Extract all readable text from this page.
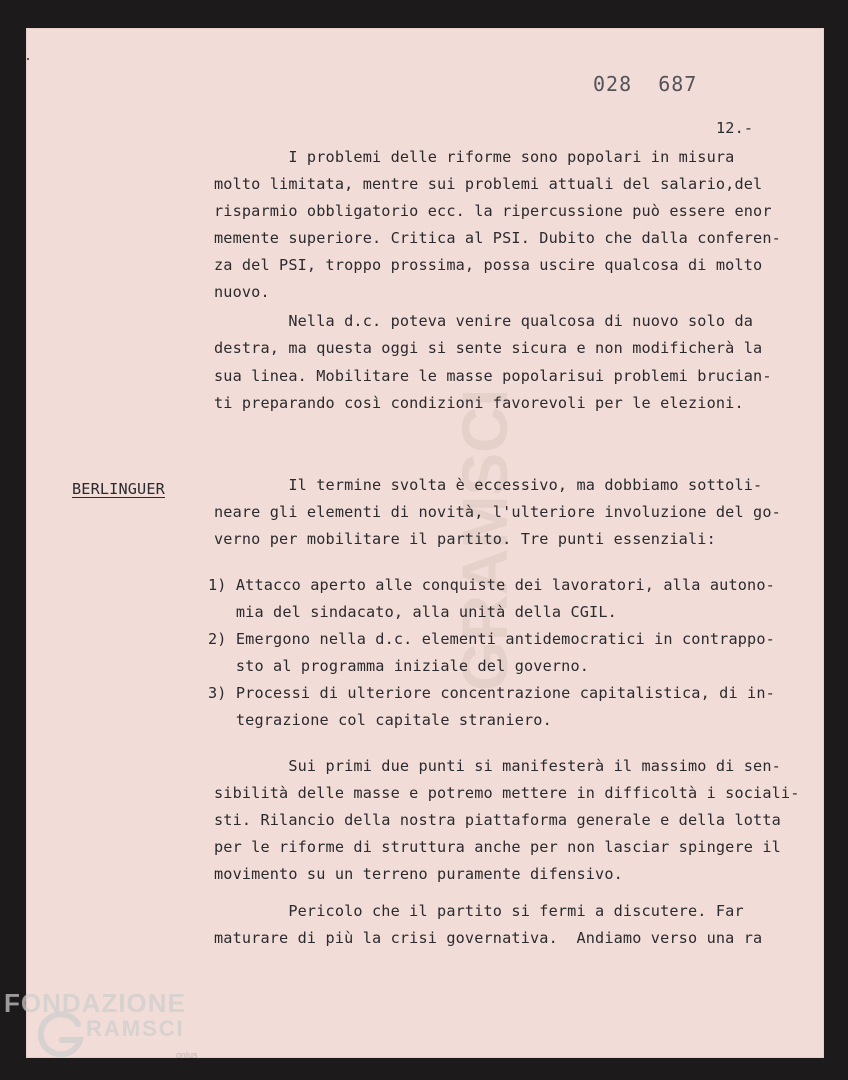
GRAMSCI
028  687
12.-
BERLINGUER
I problemi delle riforme sono popolari in misura
molto limitata, mentre sui problemi attuali del salario,del
risparmio obbligatorio ecc. la ripercussione può essere enor
memente superiore. Critica al PSI. Dubito che dalla conferen-
za del PSI, troppo prossima, possa uscire qualcosa di molto
nuovo.
Nella d.c. poteva venire qualcosa di nuovo solo da
destra, ma questa oggi si sente sicura e non modificherà la
sua linea. Mobilitare le masse popolarisui problemi brucian-
ti preparando così condizioni favorevoli per le elezioni.
Il termine svolta è eccessivo, ma dobbiamo sottoli-
neare gli elementi di novità, l'ulteriore involuzione del go-
verno per mobilitare il partito. Tre punti essenziali:
1) Attacco aperto alle conquiste dei lavoratori, alla autono-
mia del sindacato, alla unità della CGIL.
2) Emergono nella d.c. elementi antidemocratici in contrappo-
sto al programma iniziale del governo.
3) Processi di ulteriore concentrazione capitalistica, di in-
tegrazione col capitale straniero.
Sui primi due punti si manifesterà il massimo di sen-
sibilità delle masse e potremo mettere in difficoltà i sociali-
sti. Rilancio della nostra piattaforma generale e della lotta
per le riforme di struttura anche per non lasciar spingere il
movimento su un terreno puramente difensivo.
Pericolo che il partito si fermi a discutere. Far
maturare di più la crisi governativa.  Andiamo verso una ra
FONDAZIONE
RAMSCI
onlus
